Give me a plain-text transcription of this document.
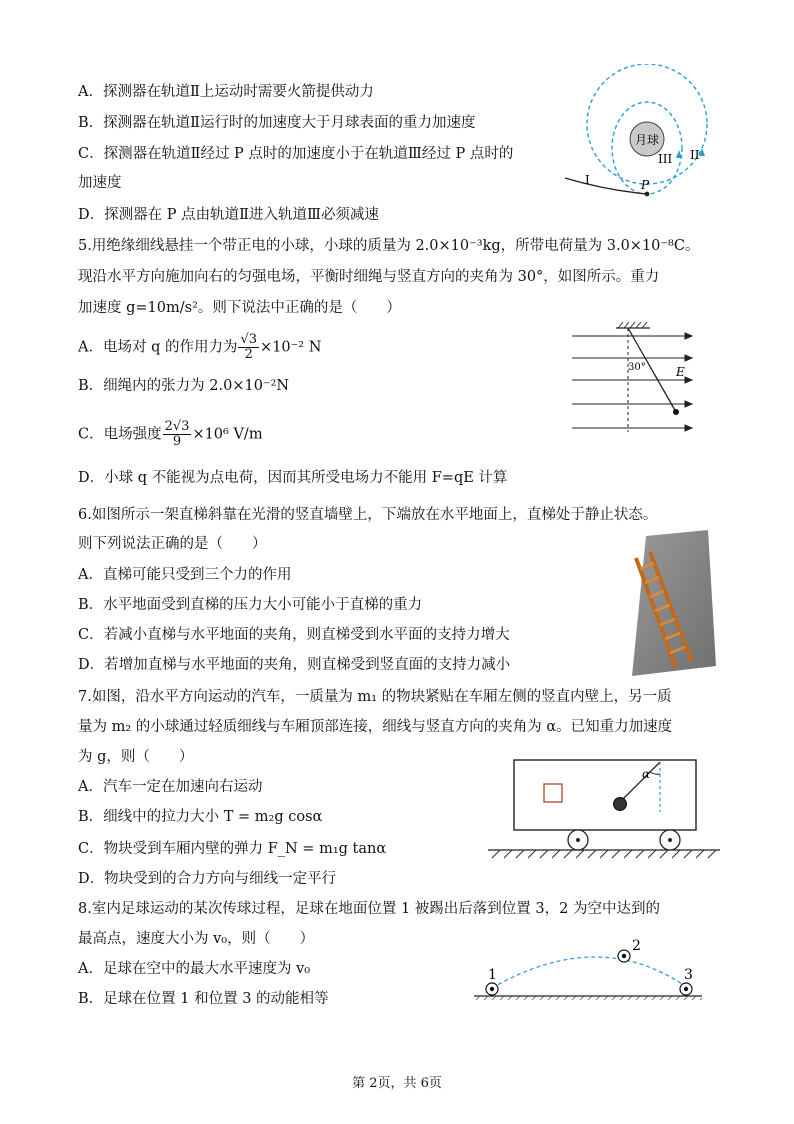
A．探测器在轨道Ⅱ上运动时需要火箭提供动力
B．探测器在轨道Ⅱ运行时的加速度大于月球表面的重力加速度
C．探测器在轨道Ⅱ经过 P 点时的加速度小于在轨道Ⅲ经过 P 点时的
加速度
D．探测器在 P 点由轨道Ⅱ进入轨道Ⅲ必须减速
月球
I
II
III
P
5.用绝缘细线悬挂一个带正电的小球，小球的质量为 2.0×10⁻³kg，所带电荷量为 3.0×10⁻⁸C。
现沿水平方向施加向右的匀强电场，平衡时细绳与竖直方向的夹角为 30°，如图所示。重力
加速度 g=10m/s²。则下说法中正确的是（　　）
A．电场对 q 的作用力为 $\frac{√3}{2} \times 10^{-2}$ N
B．细绳内的张力为 2.0×10⁻²N
C．电场强度 $\frac{2√3}{9} \times 10^6$ V/m
D．小球 q 不能视为点电荷，因而其所受电场力不能用 F=qE 计算
30°	E
6.如图所示一架直梯斜靠在光滑的竖直墙壁上，下端放在水平地面上，直梯处于静止状态。
则下列说法正确的是（　　）
A．直梯可能只受到三个力的作用
B．水平地面受到直梯的压力大小可能小于直梯的重力
C．若减小直梯与水平地面的夹角，则直梯受到水平面的支持力增大
D．若增加直梯与水平地面的夹角，则直梯受到竖直面的支持力减小
7.如图，沿水平方向运动的汽车，一质量为 m₁ 的物块紧贴在车厢左侧的竖直内壁上，另一质
量为 m₂ 的小球通过轻质细线与车厢顶部连接，细线与竖直方向的夹角为 α。已知重力加速度
为 g，则（　　）
A．汽车一定在加速向右运动
B．细线中的拉力大小 T = m₂g cosα
C．物块受到车厢内壁的弹力 F_N = m₁g tanα
D．物块受到的合力方向与细线一定平行
α
8.室内足球运动的某次传球过程，足球在地面位置 1 被踢出后落到位置 3，2 为空中达到的
最高点，速度大小为 v₀，则（　　）
A．足球在空中的最大水平速度为 v₀
B．足球在位置 1 和位置 3 的动能相等
1
2
3
第 2页，共 6页
